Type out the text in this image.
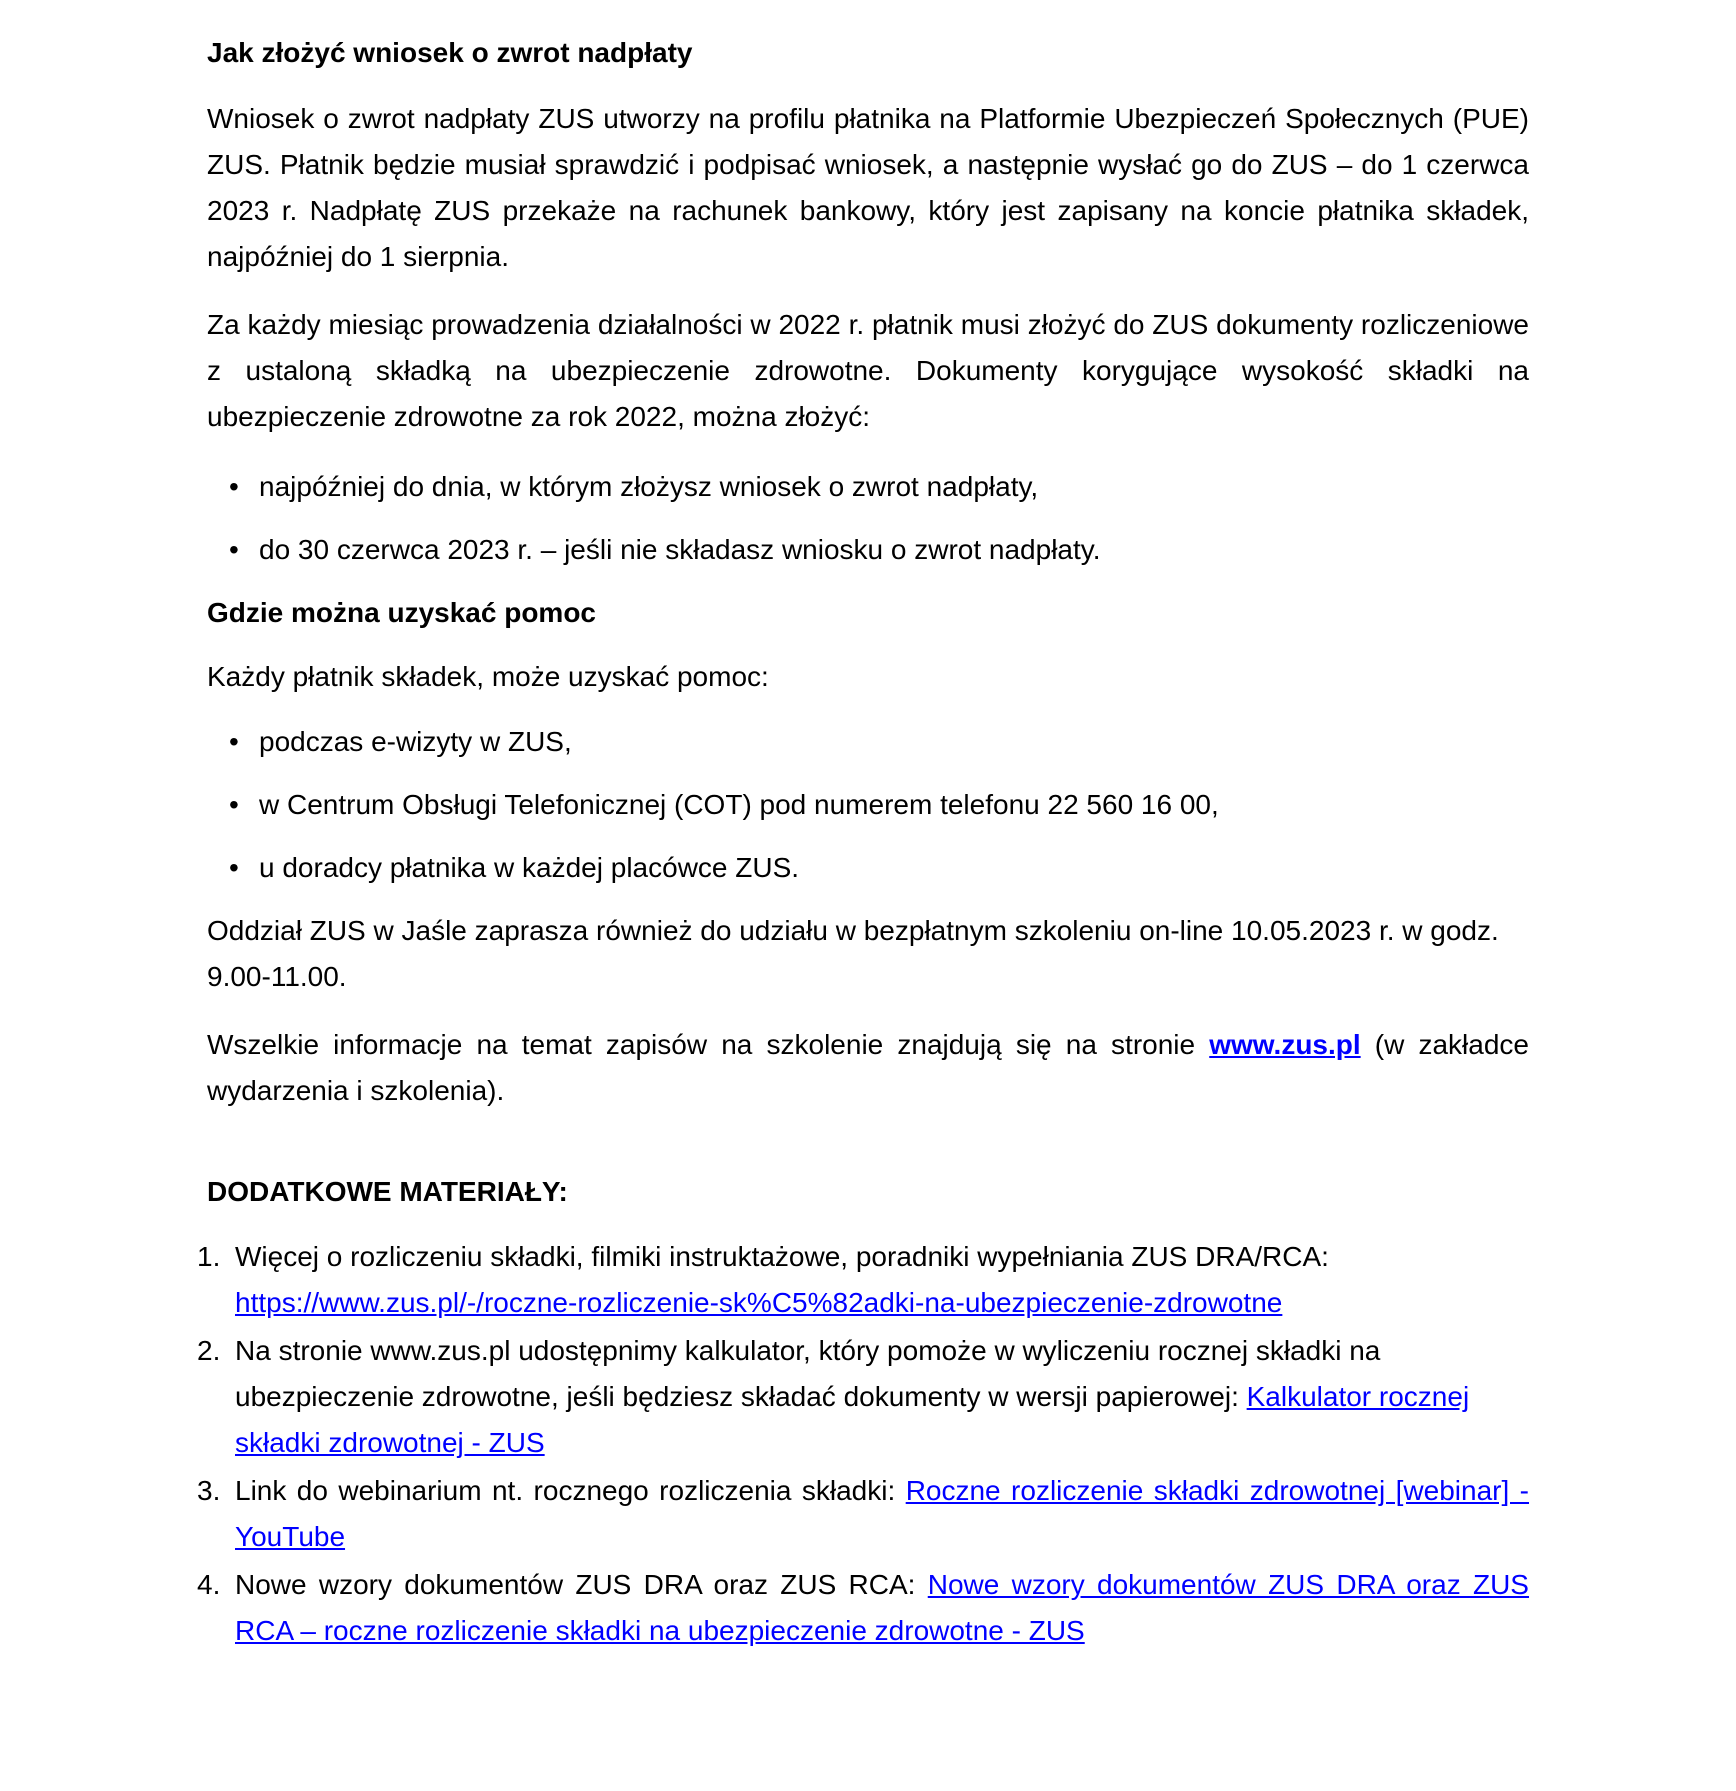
Jak złożyć wniosek o zwrot nadpłaty

Wniosek o zwrot nadpłaty ZUS utworzy na profilu płatnika na Platformie Ubezpieczeń Społecznych (PUE) ZUS. Płatnik będzie musiał sprawdzić i podpisać wniosek, a następnie wysłać go do ZUS – do 1 czerwca 2023 r. Nadpłatę ZUS przekaże na rachunek bankowy, który jest zapisany na koncie płatnika składek, najpóźniej do 1 sierpnia.

Za każdy miesiąc prowadzenia działalności w 2022 r. płatnik musi złożyć do ZUS dokumenty rozliczeniowe z ustaloną składką na ubezpieczenie zdrowotne. Dokumenty korygujące wysokość składki na ubezpieczenie zdrowotne za rok 2022, można złożyć:

• najpóźniej do dnia, w którym złożysz wniosek o zwrot nadpłaty,
• do 30 czerwca 2023 r. – jeśli nie składasz wniosku o zwrot nadpłaty.

Gdzie można uzyskać pomoc

Każdy płatnik składek, może uzyskać pomoc:

• podczas e-wizyty w ZUS,
• w Centrum Obsługi Telefonicznej (COT) pod numerem telefonu 22 560 16 00,
• u doradcy płatnika w każdej placówce ZUS.

Oddział ZUS w Jaśle zaprasza również do udziału w bezpłatnym szkoleniu on-line 10.05.2023 r. w godz. 9.00-11.00.

Wszelkie informacje na temat zapisów na szkolenie znajdują się na stronie www.zus.pl (w zakładce wydarzenia i szkolenia).

DODATKOWE MATERIAŁY:

1. Więcej o rozliczeniu składki, filmiki instruktażowe, poradniki wypełniania ZUS DRA/RCA: https://www.zus.pl/-/roczne-rozliczenie-sk%C5%82adki-na-ubezpieczenie-zdrowotne
2. Na stronie www.zus.pl udostępnimy kalkulator, który pomoże w wyliczeniu rocznej składki na ubezpieczenie zdrowotne, jeśli będziesz składać dokumenty w wersji papierowej: Kalkulator rocznej składki zdrowotnej - ZUS
3. Link do webinarium nt. rocznego rozliczenia składki: Roczne rozliczenie składki zdrowotnej [webinar] - YouTube
4. Nowe wzory dokumentów ZUS DRA oraz ZUS RCA: Nowe wzory dokumentów ZUS DRA oraz ZUS RCA – roczne rozliczenie składki na ubezpieczenie zdrowotne - ZUS
